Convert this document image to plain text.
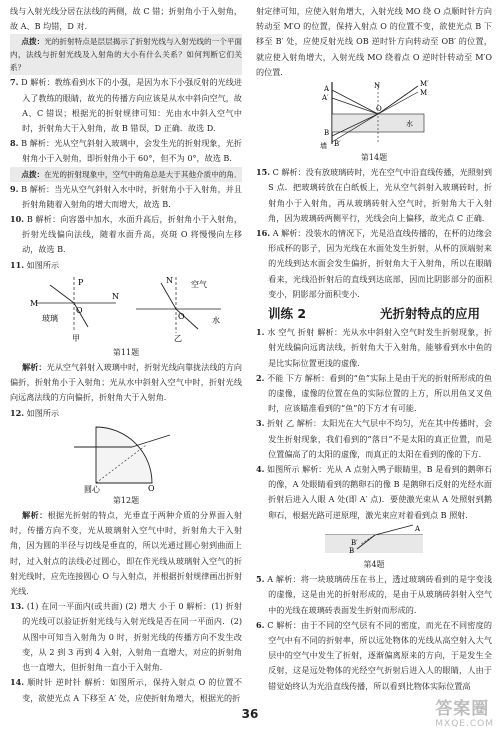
线与入射光线分居在法线的两侧，故 C 错；折射角小于入射角，故 A、B 均错，D 对．

点拨：光的折射特点是层层揭示了折射光线与入射光线的一个平面内，法线与折射光线及入射角的大小有什么关系？如何判断它们关系？

7. D 解析：教练看到水下的小强，是因为水下小强反射的光线进入了教练的眼睛，故光的传播方向应该是从水中斜向空气，故 A、C 错误；根据光的折射规律可知：光由水中斜入空气中时，折射角大于入射角，故 B 错误，D 正确．故选 D.

8. B 解析：光从空气斜射入玻璃中，会发生光的折射现象，光折射角小于入射角，即折射角小于 60°，但不为 0°，故选 B.

点拨：在光的折射现象中，空气中的角总是大于其他介质中的角．

9. B 解析：当光从空气斜射入水中时，折射角小于入射角，并且折射角随着入射角的增大而增大，故选 B.

10. B 解析：向容器中加水，水面升高后，折射角小于入射角，折射光线偏向法线，随着水面升高，亮斑 O 将慢慢向左移动，故选 B.

11. 如图所示

M
P
N
O
玻璃
甲
N 空气
水
O
乙
第11题

解析：光从空气斜射入玻璃中时，折射光线向靠拢法线的方向偏折，折射角小于入射角；光从水中斜射入空气中时，折射光线向远离法线的方向偏折，折射角大于入射角．

12. 如图所示

O
圆心
第12题

解析：根据光折射的特点，光垂直于两种介质的分界面入射时，传播方向不变，光从玻璃射入空气中时，折射角大于入射角，因为圆的半径与切线是垂直的，所以光通过圆心射到曲面上时，过入射点的法线必过圆心，即在作光线从玻璃射入空气的折射光线时，应先连接圆心 O 与入射点，并根据折射规律画出折射光线．

13. (1) 在同一平面内(或共面) (2) 增大 小于 0 解析：(1) 折射的光线可以验证折射光线与入射光线是否在同一平面内．(2) 从图中可知当入射角为 0 时，折射光线的传播方向不发生改变，从 2 到 3 再到 4 入射，入射角一直增大，对应的折射角也一直增大，但折射角一直小于入射角．

14. 顺时针 逆时针 解析：如图所示，保持入射点 O 的位置不变，欲使光点 A 下移至 A′ 处，应使折射角增大，根据光的折

射定律可知，应使入射角增大，入射光线 MO 绕 O 点顺时针方向转动至 M′O 的位置，保持入射点 O 的位置不变，欲使光点 B 下移至 B′ 处，应使反射光线 OB 逆时针方向转动至 OB′ 的位置，就应使入射角增大，入射光线 MO 绕着点 O 逆时针转动至 M′O 的位置．

M′
M
A
A′
B
B′
O
N
水
墙
第14题

15. C 解析：没有放玻璃砖时，光在空气中沿直线传播，光照射到 S 点．把玻璃砖放在白纸板上，光从空气斜射入玻璃砖时，折射角小于入射角，再从玻璃砖射入空气时，折射角大于入射角，因为玻璃砖两侧平行，光线会向上偏移，故光点 C 正确．

16. A 解析：没装水的情况下，光是沿直线传播的，在杯的边缘会形成杯的影子，因为光线在水面处发生折射，从杯的顶端射来的光线到达水面会发生偏折，折射角大于入射角，所以在眼睛看来，光线沿折射后的直线到达底部，因而比阴影部分的面积变小，阴影部分面积变小．

训练 2	光折射特点的应用

1. 水 空气 折射 解析：光从水中斜射入空气时发生折射现象，折射光线偏向远离法线，折射角大于入射角，能够看到水中鱼的是比实际位置更浅的虚像．

2. 不能 下方 解析：看到的“鱼”实际上是由于光的折射所形成的鱼的虚像，虚像的位置在鱼的实际位置的上方，所以用鱼叉叉鱼时，应该瞄准看到的“鱼”的下方才有可能．

3. 折射 乙 解析：太阳光在大气层中不均匀，光在其中传播时，会发生折射现象，我们看到的“落日”不是太阳的真正位置，而是位置偏高了的太阳的虚像，而真正的太阳在看到的像的下方．

4. 如图所示 解析：光从 A 点射入鸭子眼睛里，B 是看到的鹅卵石的像，A 处眼睛看到的鹅卵石的像 B 是鹅卵石反射的光经水面折射后进入人眼 A 处(即 A′ 点)．要使激光束从 A 处照射到鹅卵石，根据光路可逆原理，激光束应对着看到点 B 照射．

A
B′
B
第4题

5. A 解析：将一块玻璃砖压在书上，透过玻璃砖看到的是字变浅的虚像，这是由光的折射形成的，是由于从玻璃砖斜射入空气中的光线在玻璃砖表面发生折射而形成的．

6. C 解析：由于不同的空气层有不同的密度，而光在不同密度的空气中有不同的折射率，所以远处物体的光线从高空射入大气层中的空气中发生了折射，逐渐偏离原来的方向，于是发生全反射，这是远处物体的光经空气折射后进入人的眼睛，人由于错觉始终认为光沿直线传播，所以看到比物体实际位置高

36	答案圈
MXQE.COM
